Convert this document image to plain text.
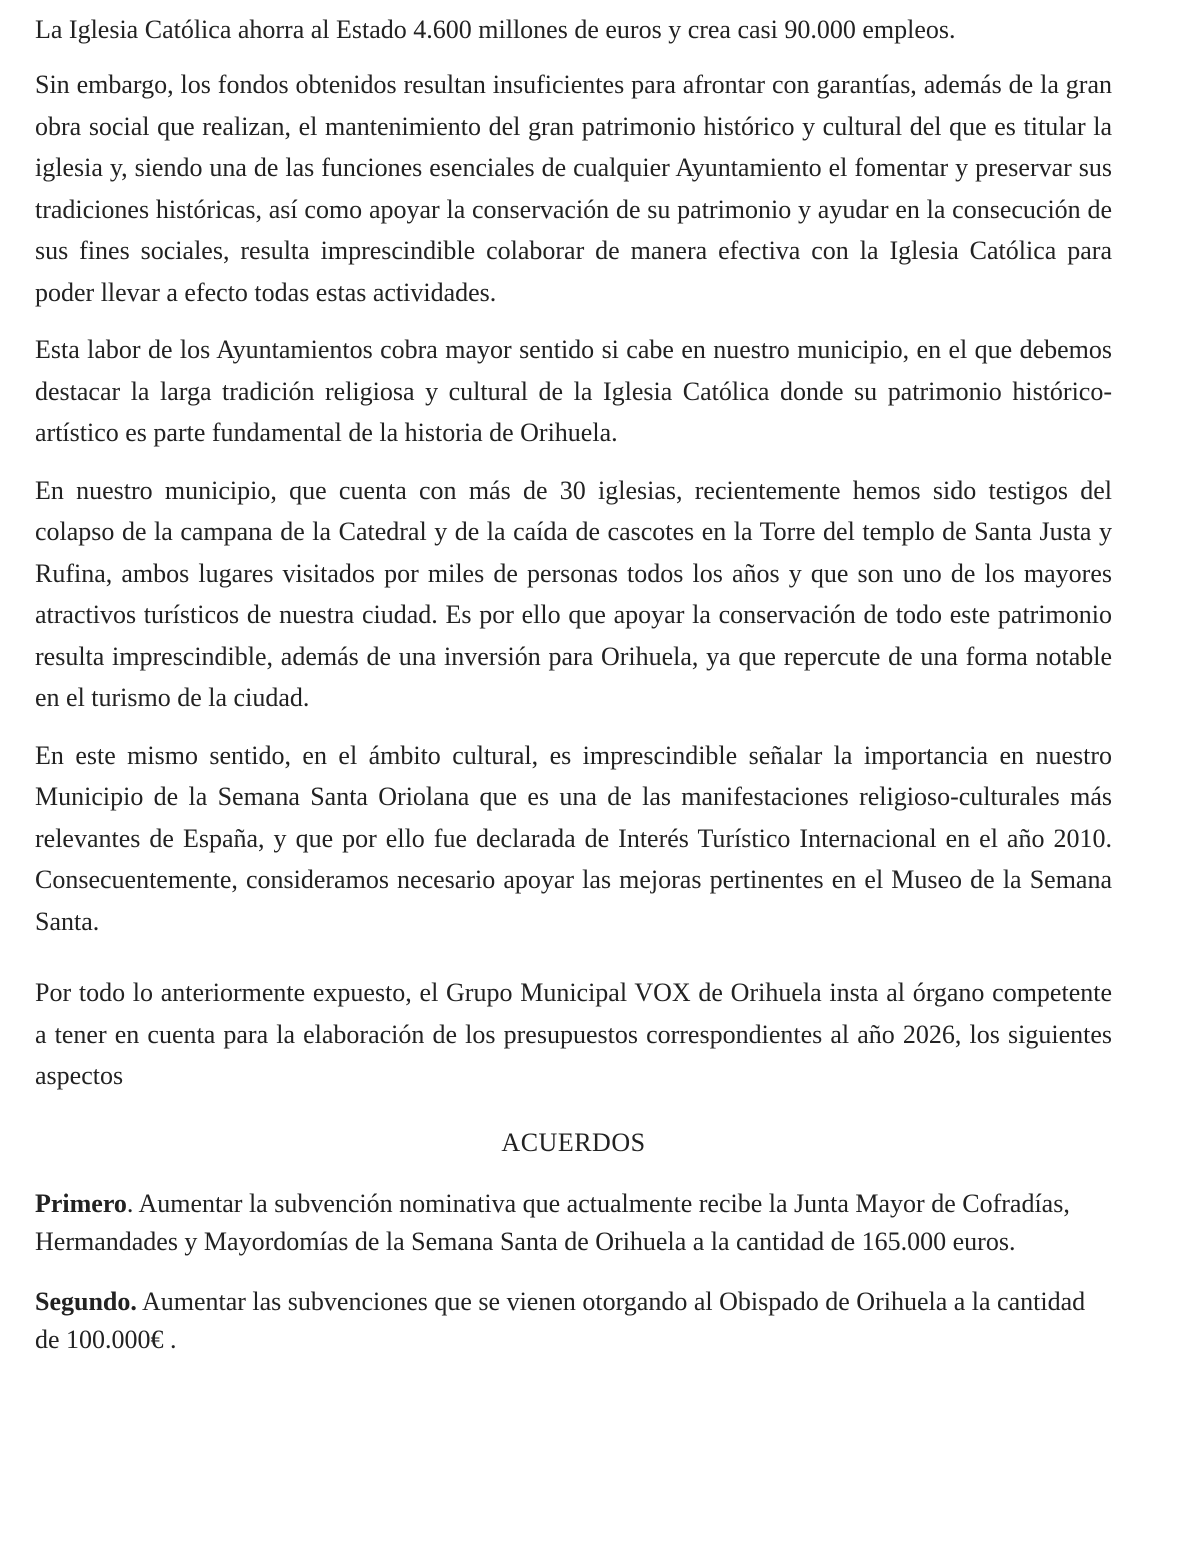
La Iglesia Católica ahorra al Estado 4.600 millones de euros y crea casi 90.000 empleos.

Sin embargo, los fondos obtenidos resultan insuficientes para afrontar con garantías, además de la gran obra social que realizan, el mantenimiento del gran patrimonio histórico y cultural del que es titular la iglesia y, siendo una de las funciones esenciales de cualquier Ayuntamiento el fomentar y preservar sus tradiciones históricas, así como apoyar la conservación de su patrimonio y ayudar en la consecución de sus fines sociales, resulta imprescindible colaborar de manera efectiva con la Iglesia Católica para poder llevar a efecto todas estas actividades.

Esta labor de los Ayuntamientos cobra mayor sentido si cabe en nuestro municipio, en el que debemos destacar la larga tradición religiosa y cultural de la Iglesia Católica donde su patrimonio histórico-artístico es parte fundamental de la historia de Orihuela.

En nuestro municipio, que cuenta con más de 30 iglesias, recientemente hemos sido testigos del colapso de la campana de la Catedral y de la caída de cascotes en la Torre del templo de Santa Justa y Rufina, ambos lugares visitados por miles de personas todos los años y que son uno de los mayores atractivos turísticos de nuestra ciudad. Es por ello que apoyar la conservación de todo este patrimonio resulta imprescindible, además de una inversión para Orihuela, ya que repercute de una forma notable en el turismo de la ciudad.

En este mismo sentido, en el ámbito cultural, es imprescindible señalar la importancia en nuestro Municipio de la Semana Santa Oriolana que es una de las manifestaciones religioso-culturales más relevantes de España, y que por ello fue declarada de Interés Turístico Internacional en el año 2010. Consecuentemente, consideramos necesario apoyar las mejoras pertinentes en el Museo de la Semana Santa.

Por todo lo anteriormente expuesto, el Grupo Municipal VOX de Orihuela insta al órgano competente a tener en cuenta para la elaboración de los presupuestos correspondientes al año 2026, los siguientes aspectos

ACUERDOS

Primero. Aumentar la subvención nominativa que actualmente recibe la Junta Mayor de Cofradías, Hermandades y Mayordomías de la Semana Santa de Orihuela a la cantidad de 165.000 euros.

Segundo. Aumentar las subvenciones que se vienen otorgando al Obispado de Orihuela a la cantidad de 100.000€ .
